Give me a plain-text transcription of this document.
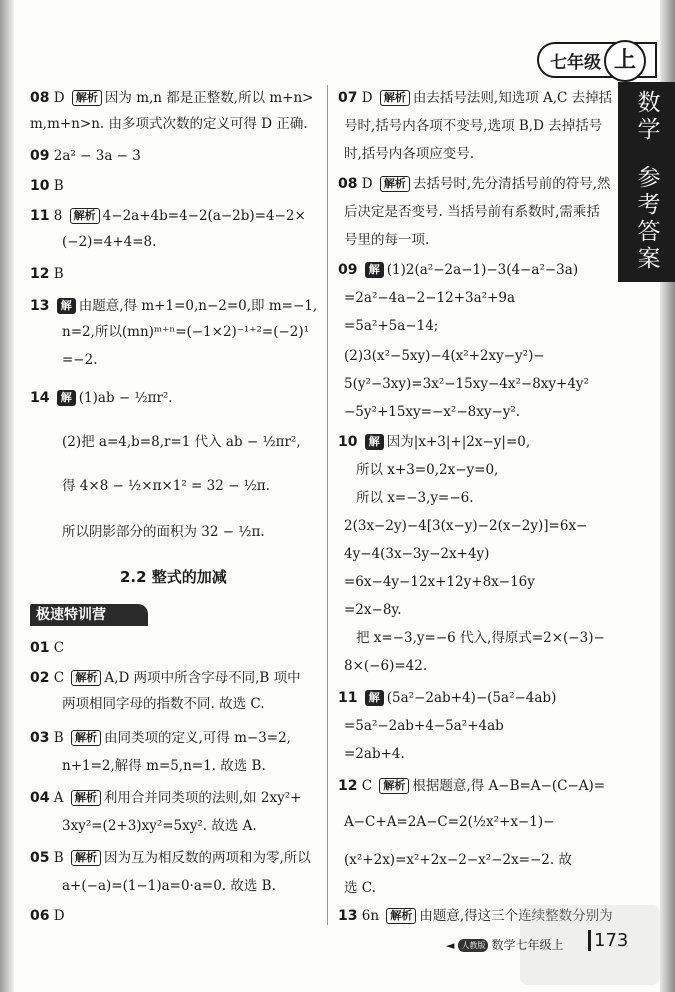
七年级 上
数学
参考答案
08 D 解析 因为 m,n 都是正整数,所以 m+n>
m,m+n>n. 由多项式次数的定义可得 D 正确.
09 2a² − 3a − 3
10 B
11 8 解析 4−2a+4b=4−2(a−2b)=4−2×
(−2)=4+4=8.
12 B
13 解 由题意,得 m+1=0,n−2=0,即 m=−1,
n=2,所以(mn)ᵐ⁺ⁿ=(−1×2)⁻¹⁺²=(−2)¹
=−2.
14 解 (1)ab − ½πr².
(2)把 a=4,b=8,r=1 代入 ab − ½πr²,
得 4×8 − ½×π×1² = 32 − ½π.
所以阴影部分的面积为 32 − ½π.
2.2 整式的加减
极速特训营
01 C
02 C 解析 A,D 两项中所含字母不同,B 项中
两项相同字母的指数不同. 故选 C.
03 B 解析 由同类项的定义,可得 m−3=2,
n+1=2,解得 m=5,n=1. 故选 B.
04 A 解析 利用合并同类项的法则,如 2xy²+
3xy²=(2+3)xy²=5xy². 故选 A.
05 B 解析 因为互为相反数的两项和为零,所以
a+(−a)=(1−1)a=0·a=0. 故选 B.
06 D
07 D 解析 由去括号法则,知选项 A,C 去掉括
号时,括号内各项不变号,选项 B,D 去掉括号
时,括号内各项应变号.
08 D 解析 去括号时,先分清括号前的符号,然
后决定是否变号. 当括号前有系数时,需乘括
号里的每一项.
09 解 (1)2(a²−2a−1)−3(4−a²−3a)
=2a²−4a−2−12+3a²+9a
=5a²+5a−14;
(2)3(x²−5xy)−4(x²+2xy−y²)−
5(y²−3xy)=3x²−15xy−4x²−8xy+4y²
−5y²+15xy=−x²−8xy−y².
10 解 因为|x+3|+|2x−y|=0,
所以 x+3=0,2x−y=0,
所以 x=−3,y=−6.
2(3x−2y)−4[3(x−y)−2(x−2y)]=6x−
4y−4(3x−3y−2x+4y)
=6x−4y−12x+12y+8x−16y
=2x−8y.
把 x=−3,y=−6 代入,得原式=2×(−3)−
8×(−6)=42.
11 解 (5a²−2ab+4)−(5a²−4ab)
=5a²−2ab+4−5a²+4ab
=2ab+4.
12 C 解析 根据题意,得 A−B=A−(C−A)=
A−C+A=2A−C=2(½x²+x−1)−
(x²+2x)=x²+2x−2−x²−2x=−2. 故
选 C.
13 6n 解析 由题意,得这三个连续整数分别为
◄ 人教版 数学七年级上	173
